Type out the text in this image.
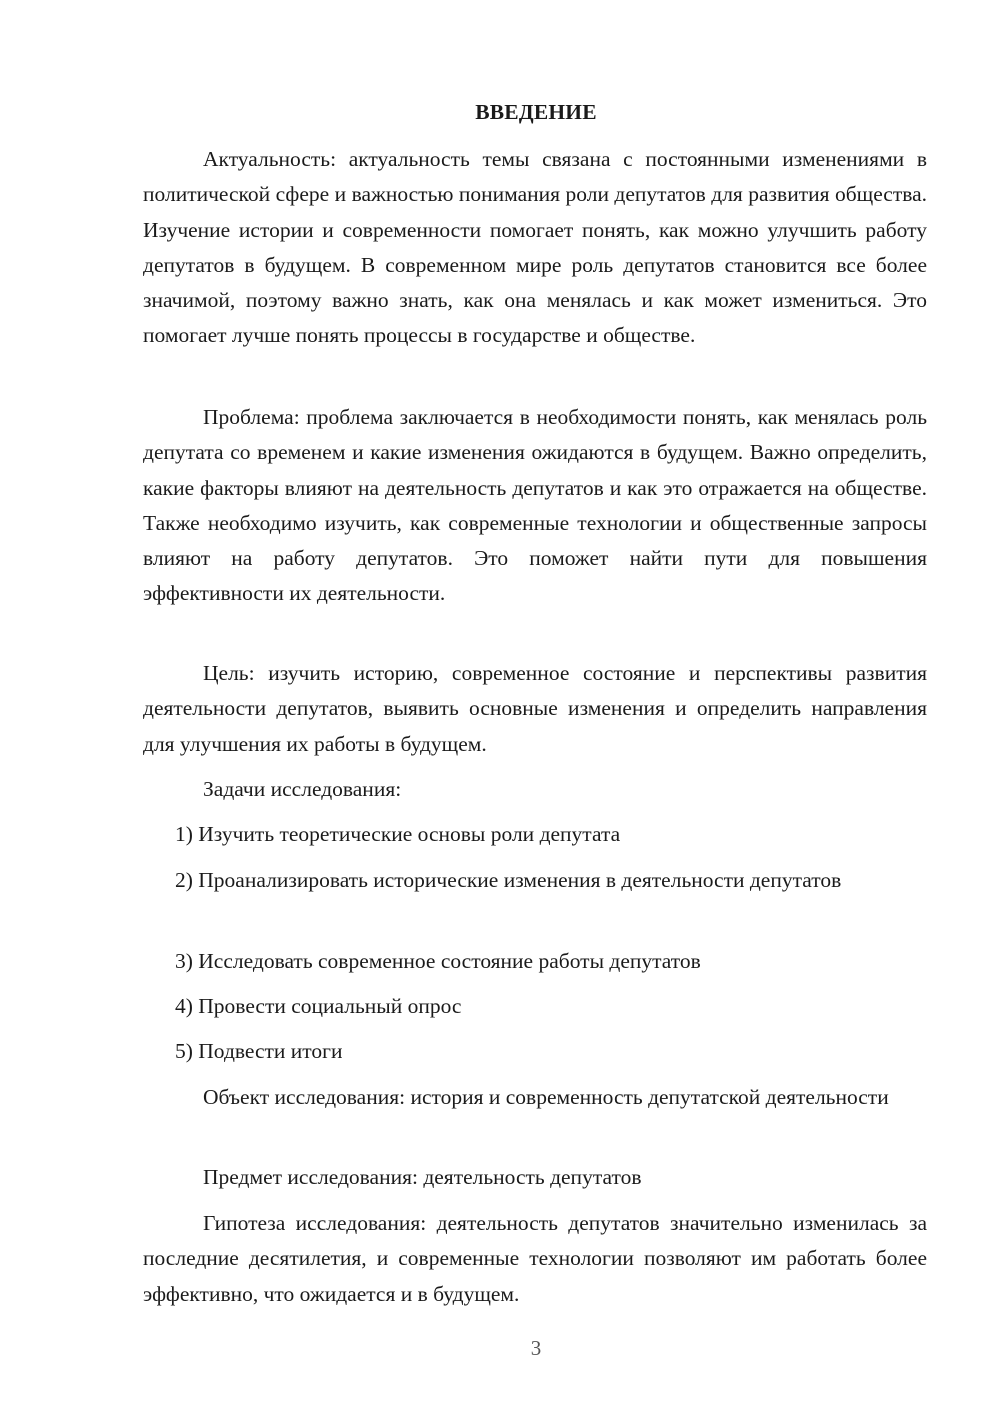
ВВЕДЕНИЕ

Актуальность: актуальность темы связана с постоянными изменениями в политической сфере и важностью понимания роли депутатов для развития общества. Изучение истории и современности помогает понять, как можно улучшить работу депутатов в будущем. В современном мире роль депутатов становится все более значимой, поэтому важно знать, как она менялась и как может измениться. Это помогает лучше понять процессы в государстве и обществе.

Проблема: проблема заключается в необходимости понять, как менялась роль депутата со временем и какие изменения ожидаются в будущем. Важно определить, какие факторы влияют на деятельность депутатов и как это отражается на обществе. Также необходимо изучить, как современные технологии и общественные запросы влияют на работу депутатов. Это поможет найти пути для повышения эффективности их деятельности.

Цель: изучить историю, современное состояние и перспективы развития деятельности депутатов, выявить основные изменения и определить направления для улучшения их работы в будущем.

Задачи исследования:

1) Изучить теоретические основы роли депутата

2) Проанализировать исторические изменения в деятельности депутатов

3) Исследовать современное состояние работы депутатов

4) Провести социальный опрос

5) Подвести итоги

Объект исследования: история и современность депутатской деятельности

Предмет исследования: деятельность депутатов

Гипотеза исследования: деятельность депутатов значительно изменилась за последние десятилетия, и современные технологии позволяют им работать более эффективно, что ожидается и в будущем.

3
